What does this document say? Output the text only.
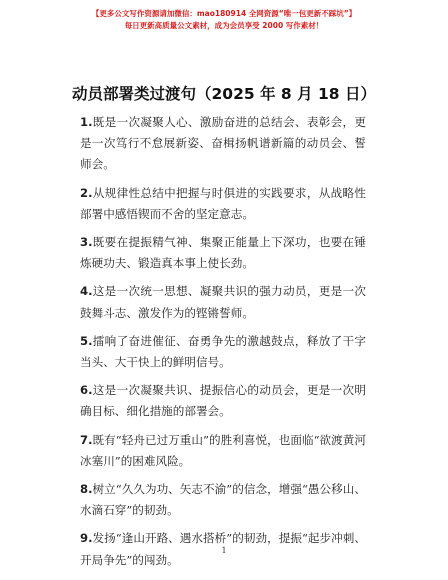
【更多公文写作资源请加微信：mao180914 全网资源“唯一包更新不踩坑”】
每日更新高质量公文素材，成为会员享受 2000 写作素材！
动员部署类过渡句（2025 年 8 月 18 日）

1.既是一次凝聚人心、激励奋进的总结会、表彰会，更是一次笃行不怠展新姿、奋楫扬帆谱新篇的动员会、誓师会。

2.从规律性总结中把握与时俱进的实践要求，从战略性部署中感悟锲而不舍的坚定意志。

3.既要在提振精气神、集聚正能量上下深功，也要在锤炼硬功夫、锻造真本事上使长劲。

4.这是一次统一思想、凝聚共识的强力动员，更是一次鼓舞斗志、激发作为的铿锵誓师。

5.擂响了奋进催征、奋勇争先的激越鼓点，释放了干字当头、大干快上的鲜明信号。

6.这是一次凝聚共识、提振信心的动员会，更是一次明确目标、细化措施的部署会。

7.既有“轻舟已过万重山”的胜利喜悦，也面临“欲渡黄河冰塞川”的困难风险。

8.树立“久久为功、矢志不渝”的信念，增强“愚公移山、水滴石穿”的韧劲。

9.发扬“逢山开路、遇水搭桥”的韧劲，提振“起步冲刺、开局争先”的闯劲。

1
